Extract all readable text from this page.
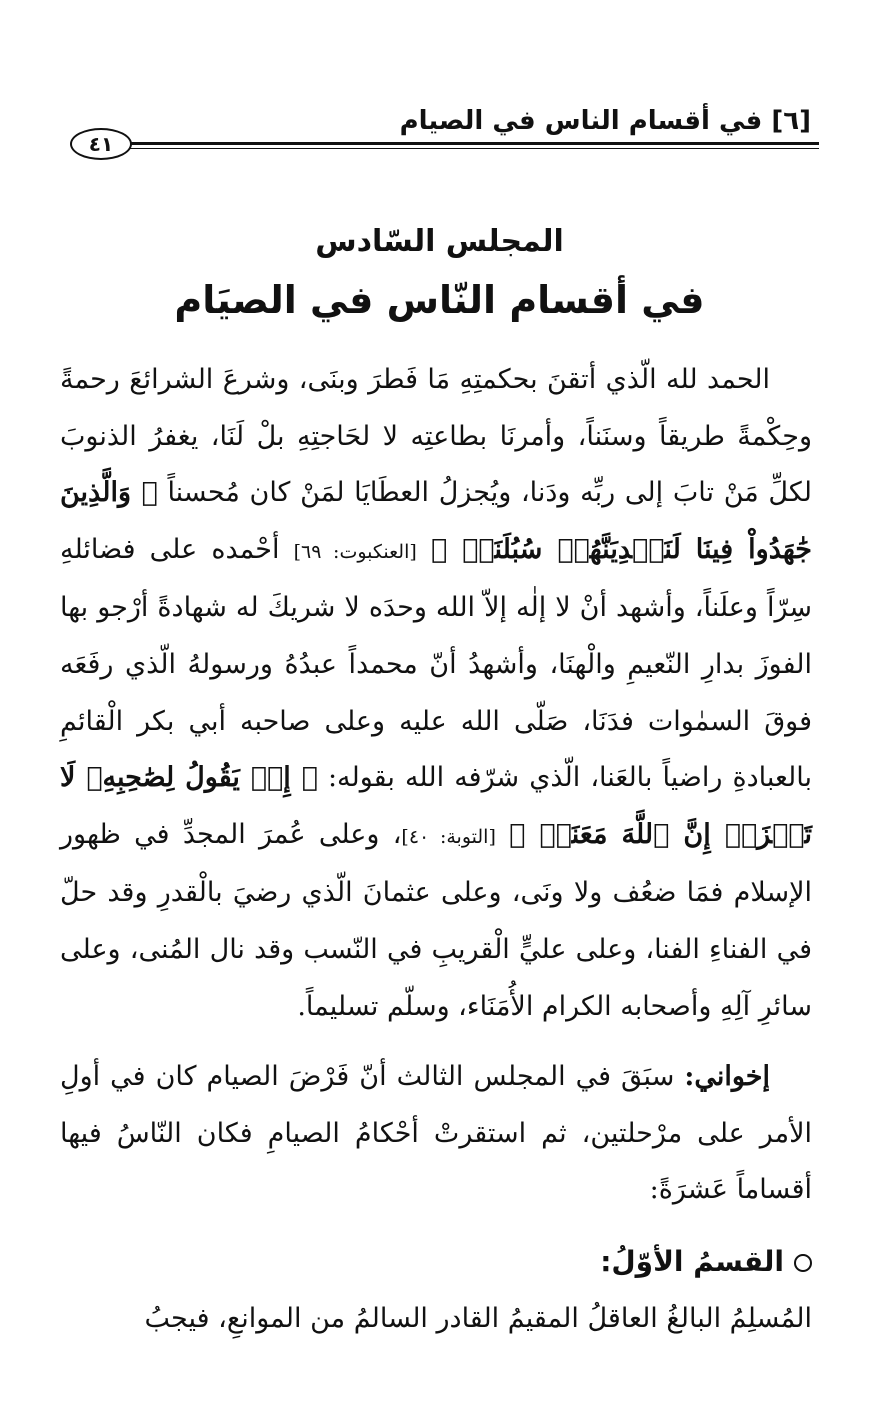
[٦] في أقسام الناس في الصيام
٤١
المجلس السّادس
في أقسام النّاس في الصيَام

الحمد لله الّذي أتقنَ بحكمتِهِ مَا فَطرَ وبنَى، وشرعَ الشرائعَ رحمةً وحِكْمةً طريقاً وسنَناً، وأمرنَا بطاعتِه لا لحَاجتِهِ بلْ لَنَا، يغفرُ الذنوبَ لكلِّ مَنْ تابَ إلى ربِّه ودَنا، ويُجزلُ العطَايَا لمَنْ كان مُحسناً ﴿ وَالَّذِينَ جَٰهَدُواْ فِينَا لَنَهۡدِيَنَّهُمۡ سُبُلَنَاۚ ﴾ [العنكبوت: ٦٩] أحْمده على فضائلهِ سِرّاً وعلَناً، وأشهد أنْ لا إلٰه إلاّ الله وحدَه لا شريكَ له شهادةً أرْجو بها الفوزَ بدارِ النّعيمِ والْهنَا، وأشهدُ أنّ محمداً عبدُهُ ورسولهُ الّذي رفَعَه فوقَ السمٰوات فدَنَا، صَلّى الله عليه وعلى صاحبه أبي بكر الْقائمِ بالعبادةِ راضياً بالعَنا، الّذي شرّفه الله بقوله: ﴿ إِذۡ يَقُولُ لِصَٰحِبِهِۦ لَا تَحۡزَنۡ إِنَّ ٱللَّهَ مَعَنَاۖ ﴾ [التوبة: ٤٠]، وعلى عُمرَ المجدِّ في ظهور الإسلام فمَا ضعُف ولا ونَى، وعلى عثمانَ الّذي رضيَ بالْقدرِ وقد حلّ في الفناءِ الفنا، وعلى عليٍّ الْقريبِ في النّسب وقد نال المُنى، وعلى سائرِ آلِهِ وأصحابه الكرام الأُمَنَاء، وسلّم تسليماً.

إخواني: سبَقَ في المجلس الثالث أنّ فَرْضَ الصيام كان في أولِ الأمر على مرْحلتين، ثم استقرتْ أحْكامُ الصيامِ فكان النّاسُ فيها أقساماً عَشرَةً:

القسمُ الأوّلُ:

المُسلِمُ البالغُ العاقلُ المقيمُ القادر السالمُ من الموانعِ، فيجبُ
